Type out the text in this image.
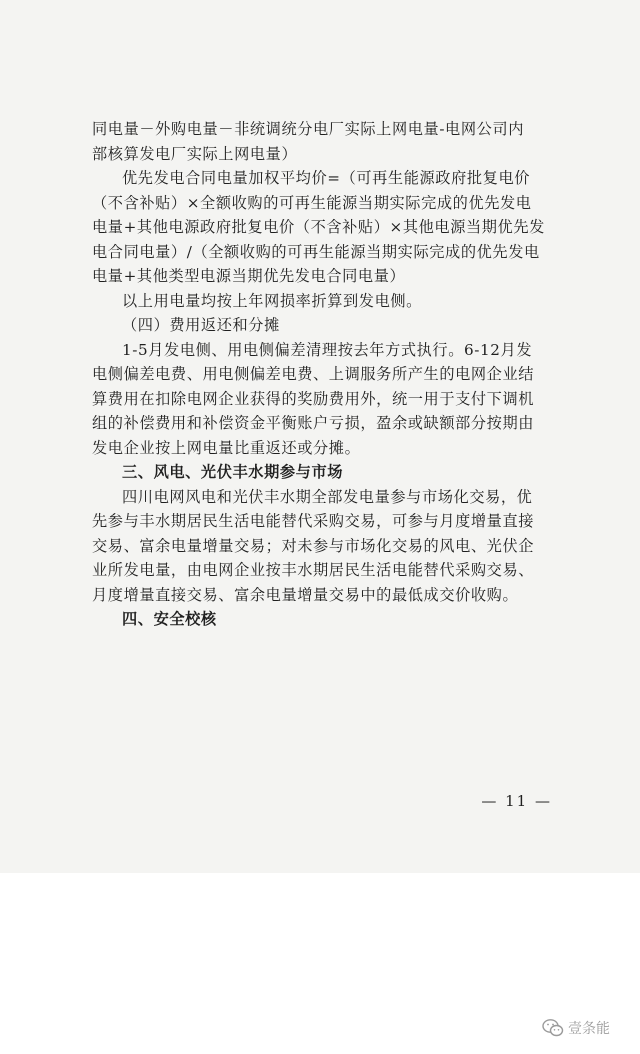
同电量－外购电量－非统调统分电厂实际上网电量-电网公司内
部核算发电厂实际上网电量）
优先发电合同电量加权平均价=（可再生能源政府批复电价
（不含补贴）×全额收购的可再生能源当期实际完成的优先发电
电量+其他电源政府批复电价（不含补贴）×其他电源当期优先发
电合同电量）/（全额收购的可再生能源当期实际完成的优先发电
电量+其他类型电源当期优先发电合同电量）
以上用电量均按上年网损率折算到发电侧。
（四）费用返还和分摊
1-5月发电侧、用电侧偏差清理按去年方式执行。6-12月发
电侧偏差电费、用电侧偏差电费、上调服务所产生的电网企业结
算费用在扣除电网企业获得的奖励费用外，统一用于支付下调机
组的补偿费用和补偿资金平衡账户亏损，盈余或缺额部分按期由
发电企业按上网电量比重返还或分摊。
三、风电、光伏丰水期参与市场
四川电网风电和光伏丰水期全部发电量参与市场化交易，优
先参与丰水期居民生活电能替代采购交易，可参与月度增量直接
交易、富余电量增量交易；对未参与市场化交易的风电、光伏企
业所发电量，由电网企业按丰水期居民生活电能替代采购交易、
月度增量直接交易、富余电量增量交易中的最低成交价收购。
四、安全校核
— 11 —
壹条能
